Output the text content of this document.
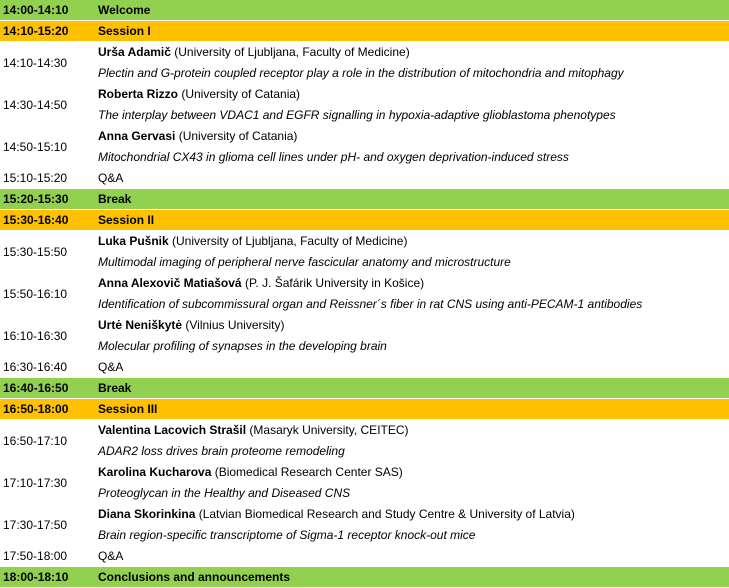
14:00-14:10	Welcome
14:10-15:20	Session I
14:10-14:30	Urša Adamič (University of Ljubljana, Faculty of Medicine)
	Plectin and G-protein coupled receptor play a role in the distribution of mitochondria and mitophagy
14:30-14:50	Roberta Rizzo (University of Catania)
	The interplay between VDAC1 and EGFR signalling in hypoxia-adaptive glioblastoma phenotypes
14:50-15:10	Anna Gervasi (University of Catania)
	Mitochondrial CX43 in glioma cell lines under pH- and oxygen deprivation-induced stress
15:10-15:20	Q&A
15:20-15:30	Break
15:30-16:40	Session II
15:30-15:50	Luka Pušnik (University of Ljubljana, Faculty of Medicine)
	Multimodal imaging of peripheral nerve fascicular anatomy and microstructure
15:50-16:10	Anna Alexovič Matiašová (P. J. Šafárik University in Košice)
	Identification of subcommissural organ and Reissner´s fiber in rat CNS using anti-PECAM-1 antibodies
16:10-16:30	Urtė Neniškytė (Vilnius University)
	Molecular profiling of synapses in the developing brain
16:30-16:40	Q&A
16:40-16:50	Break
16:50-18:00	Session III
16:50-17:10	Valentina Lacovich Strašil (Masaryk University, CEITEC)
	ADAR2 loss drives brain proteome remodeling
17:10-17:30	Karolina Kucharova (Biomedical Research Center SAS)
	Proteoglycan in the Healthy and Diseased CNS
17:30-17:50	Diana Skorinkina (Latvian Biomedical Research and Study Centre & University of Latvia)
	Brain region-specific transcriptome of Sigma-1 receptor knock-out mice
17:50-18:00	Q&A
18:00-18:10	Conclusions and announcements
